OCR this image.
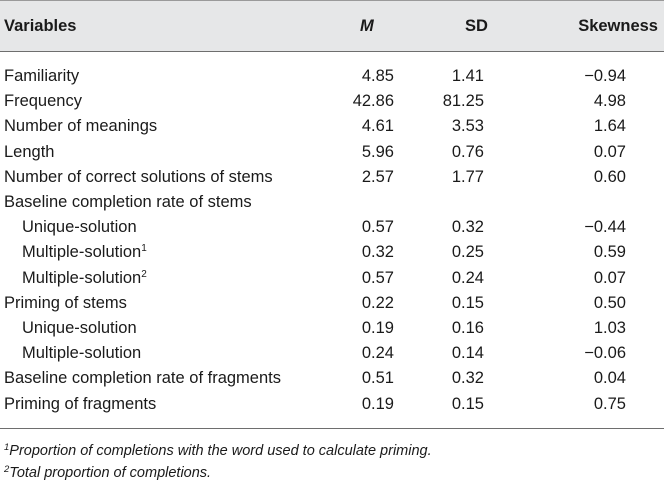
Variables	M	SD	Skewness
Familiarity	4.85	1.41	−0.94
Frequency	42.86	81.25	4.98
Number of meanings	4.61	3.53	1.64
Length	5.96	0.76	0.07
Number of correct solutions of stems	2.57	1.77	0.60
Baseline completion rate of stems
Unique-solution	0.57	0.32	−0.44
Multiple-solution$^1$	0.32	0.25	0.59
Multiple-solution$^2$	0.57	0.24	0.07
Priming of stems	0.22	0.15	0.50
Unique-solution	0.19	0.16	1.03
Multiple-solution	0.24	0.14	−0.06
Baseline completion rate of fragments	0.51	0.32	0.04
Priming of fragments	0.19	0.15	0.75
$^1$Proportion of completions with the word used to calculate priming.
$^2$Total proportion of completions.
